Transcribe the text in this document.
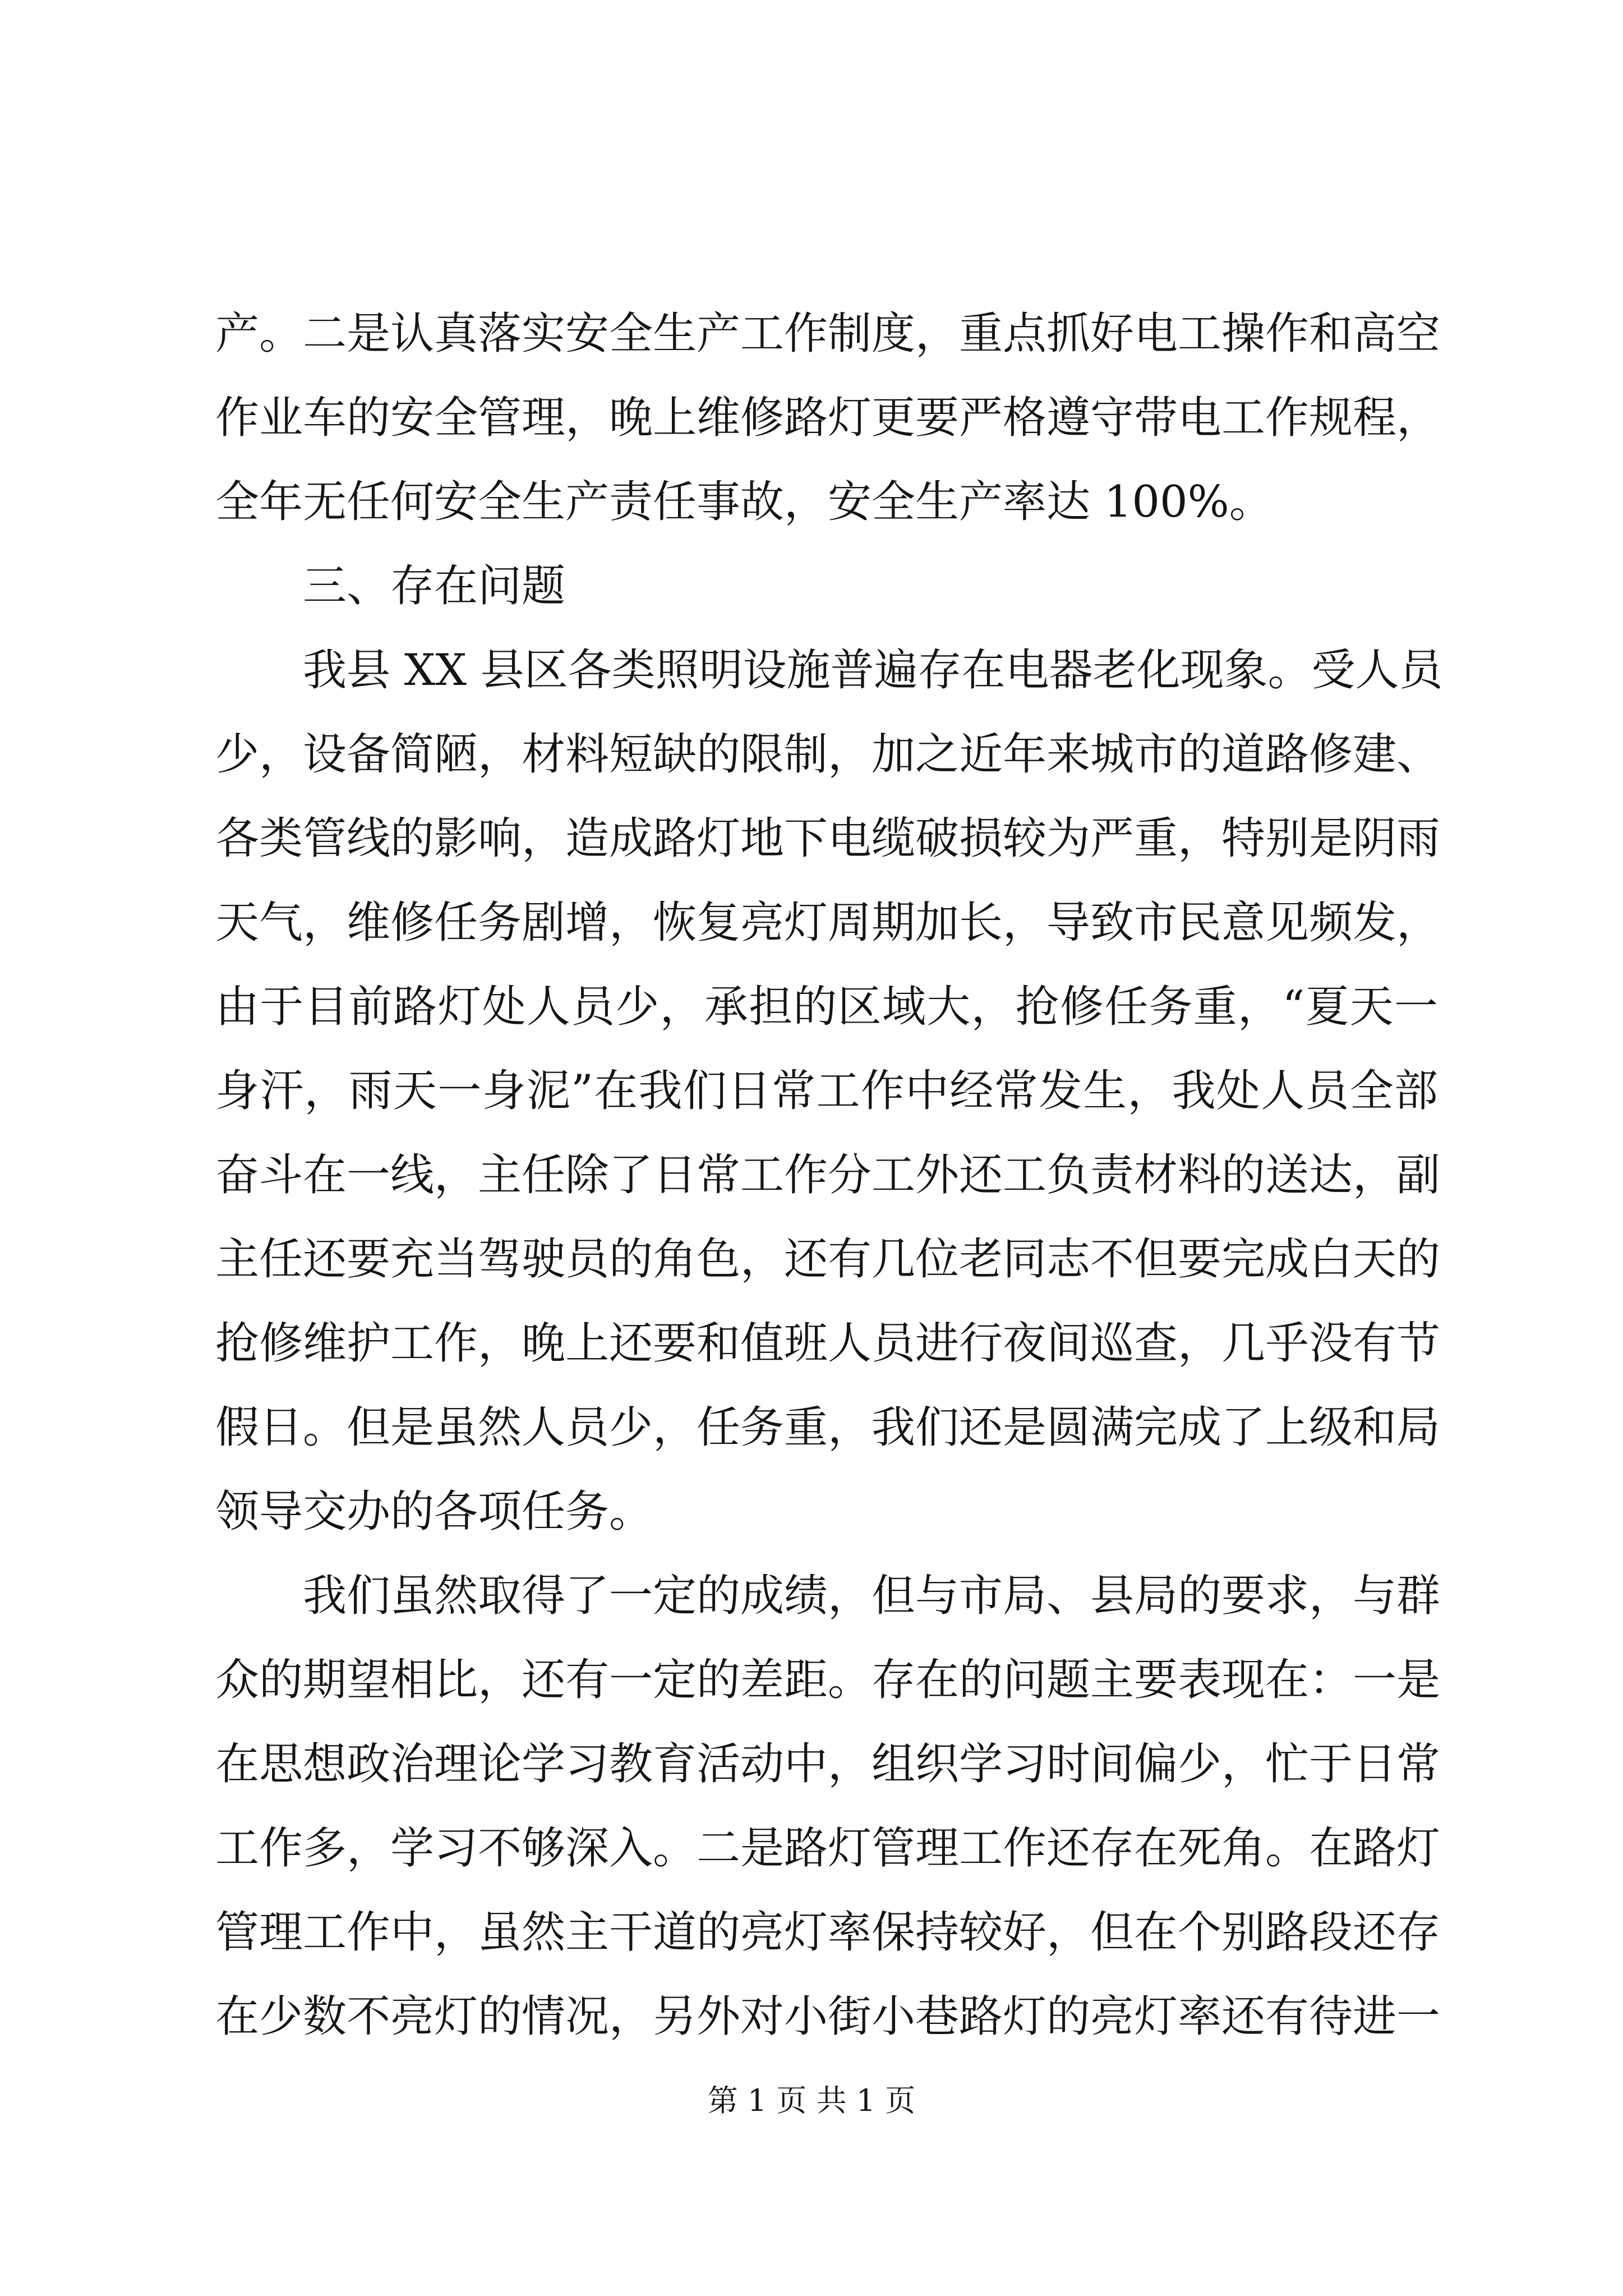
产。二是认真落实安全生产工作制度，重点抓好电工操作和高空
作业车的安全管理，晚上维修路灯更要严格遵守带电工作规程，
全年无任何安全生产责任事故，安全生产率达 100%。
三、存在问题
我县 XX 县区各类照明设施普遍存在电器老化现象。受人员
少，设备简陋，材料短缺的限制，加之近年来城市的道路修建、
各类管线的影响，造成路灯地下电缆破损较为严重，特别是阴雨
天气，维修任务剧增，恢复亮灯周期加长，导致市民意见频发，
由于目前路灯处人员少，承担的区域大，抢修任务重，“夏天一
身汗，雨天一身泥”在我们日常工作中经常发生，我处人员全部
奋斗在一线，主任除了日常工作分工外还工负责材料的送达，副
主任还要充当驾驶员的角色，还有几位老同志不但要完成白天的
抢修维护工作，晚上还要和值班人员进行夜间巡查，几乎没有节
假日。但是虽然人员少，任务重，我们还是圆满完成了上级和局
领导交办的各项任务。
我们虽然取得了一定的成绩，但与市局、县局的要求，与群
众的期望相比，还有一定的差距。存在的问题主要表现在：一是
在思想政治理论学习教育活动中，组织学习时间偏少，忙于日常
工作多，学习不够深入。二是路灯管理工作还存在死角。在路灯
管理工作中，虽然主干道的亮灯率保持较好，但在个别路段还存
在少数不亮灯的情况，另外对小街小巷路灯的亮灯率还有待进一
第 1 页 共 1 页
